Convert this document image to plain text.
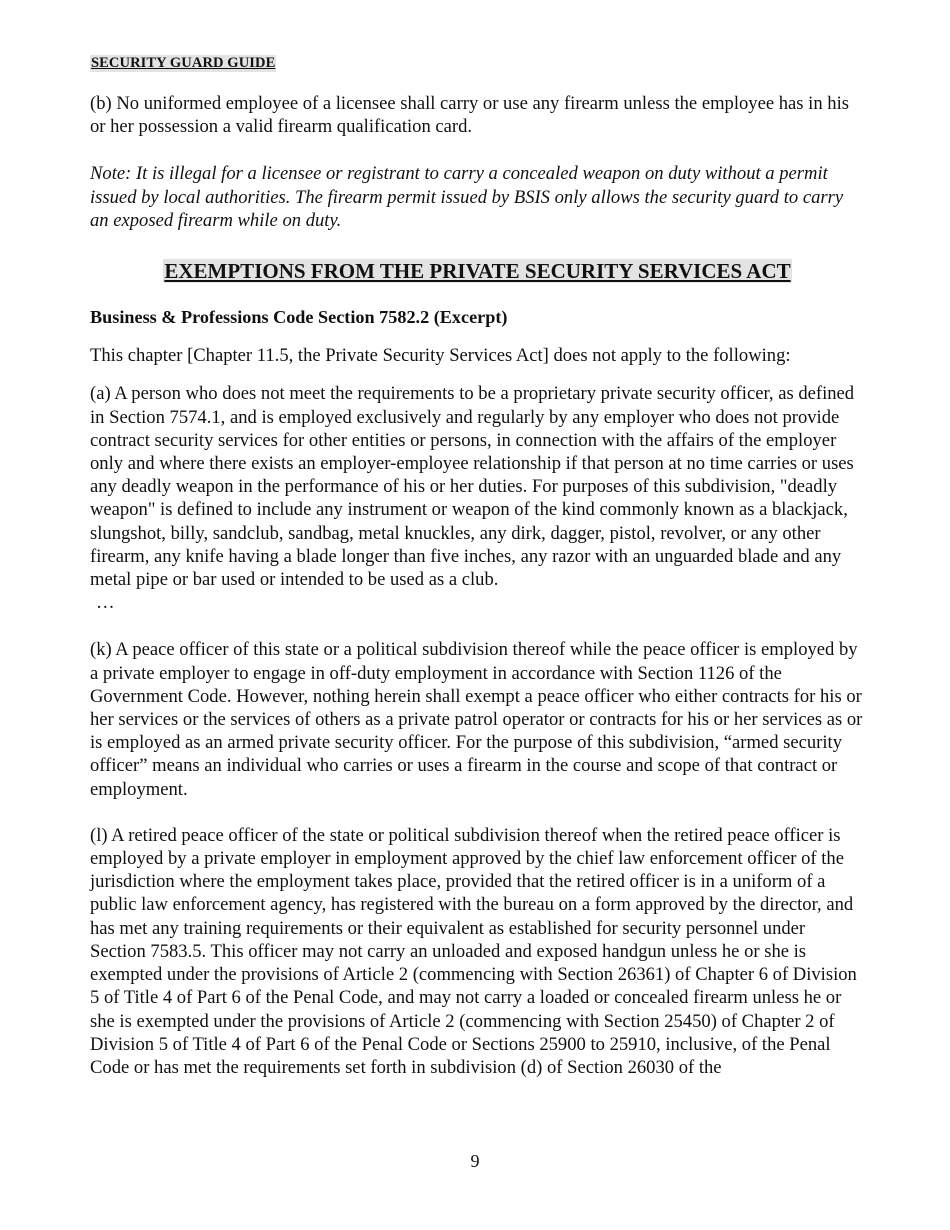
SECURITY GUARD GUIDE

(b) No uniformed employee of a licensee shall carry or use any firearm unless the employee has in his or her possession a valid firearm qualification card.

Note: It is illegal for a licensee or registrant to carry a concealed weapon on duty without a permit issued by local authorities. The firearm permit issued by BSIS only allows the security guard to carry an exposed firearm while on duty.

EXEMPTIONS FROM THE PRIVATE SECURITY SERVICES ACT

Business & Professions Code Section 7582.2 (Excerpt)

This chapter [Chapter 11.5, the Private Security Services Act] does not apply to the following:

(a) A person who does not meet the requirements to be a proprietary private security officer, as defined in Section 7574.1, and is employed exclusively and regularly by any employer who does not provide contract security services for other entities or persons, in connection with the affairs of the employer only and where there exists an employer-employee relationship if that person at no time carries or uses any deadly weapon in the performance of his or her duties. For purposes of this subdivision, "deadly weapon" is defined to include any instrument or weapon of the kind commonly known as a blackjack, slungshot, billy, sandclub, sandbag, metal knuckles, any dirk, dagger, pistol, revolver, or any other firearm, any knife having a blade longer than five inches, any razor with an unguarded blade and any metal pipe or bar used or intended to be used as a club.

…

(k) A peace officer of this state or a political subdivision thereof while the peace officer is employed by a private employer to engage in off-duty employment in accordance with Section 1126 of the Government Code. However, nothing herein shall exempt a peace officer who either contracts for his or her services or the services of others as a private patrol operator or contracts for his or her services as or is employed as an armed private security officer. For the purpose of this subdivision, “armed security officer” means an individual who carries or uses a firearm in the course and scope of that contract or employment.

(l) A retired peace officer of the state or political subdivision thereof when the retired peace officer is employed by a private employer in employment approved by the chief law enforcement officer of the jurisdiction where the employment takes place, provided that the retired officer is in a uniform of a public law enforcement agency, has registered with the bureau on a form approved by the director, and has met any training requirements or their equivalent as established for security personnel under Section 7583.5. This officer may not carry an unloaded and exposed handgun unless he or she is exempted under the provisions of Article 2 (commencing with Section 26361) of Chapter 6 of Division 5 of Title 4 of Part 6 of the Penal Code, and may not carry a loaded or concealed firearm unless he or she is exempted under the provisions of Article 2 (commencing with Section 25450) of Chapter 2 of Division 5 of Title 4 of Part 6 of the Penal Code or Sections 25900 to 25910, inclusive, of the Penal Code or has met the requirements set forth in subdivision (d) of Section 26030 of the

9
